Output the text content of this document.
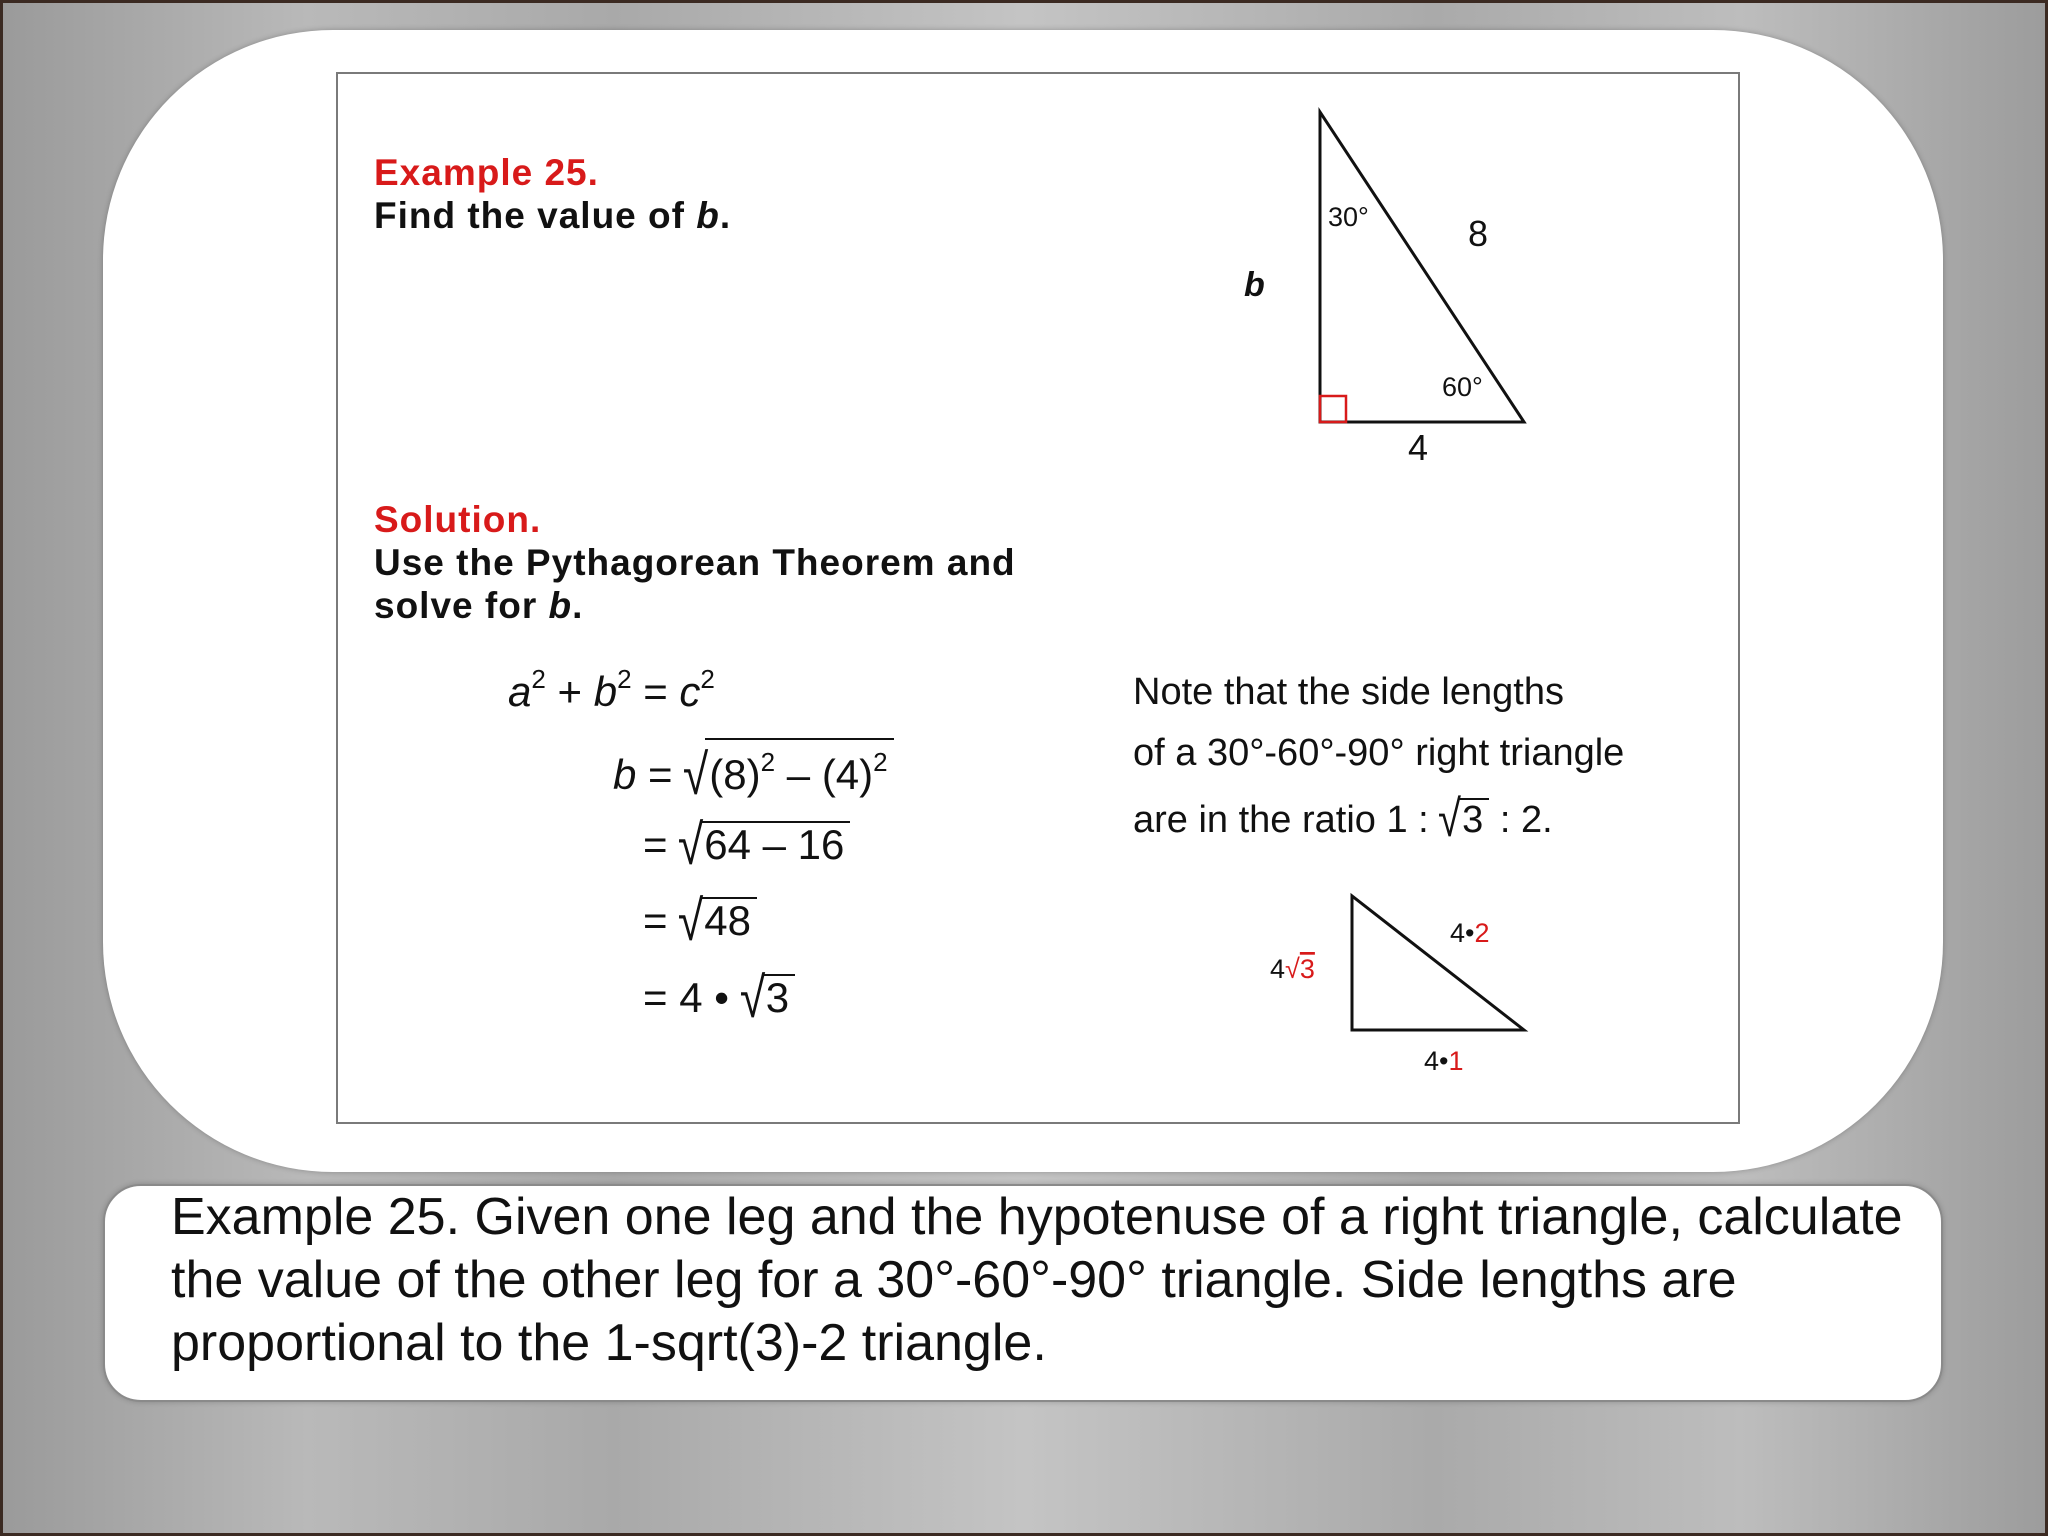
Example 25.
Find the value of b.
Solution.
Use the Pythagorean Theorem and
solve for b.
$a^2 + b^2 = c^2$
$b = √(8)^2 - (4)^2$
= √64 – 16
= √48
= 4 • √3
Note that the side lengths
of a 30°-60°-90° right triangle
are in the ratio 1 : √3 : 2.
30°
60°
8
b
4
4√3
4•2
4•1
Example 25. Given one leg and the hypotenuse of a right triangle, calculate the value of the other leg for a 30°-60°-90° triangle. Side lengths are proportional to the 1-sqrt(3)-2 triangle.
